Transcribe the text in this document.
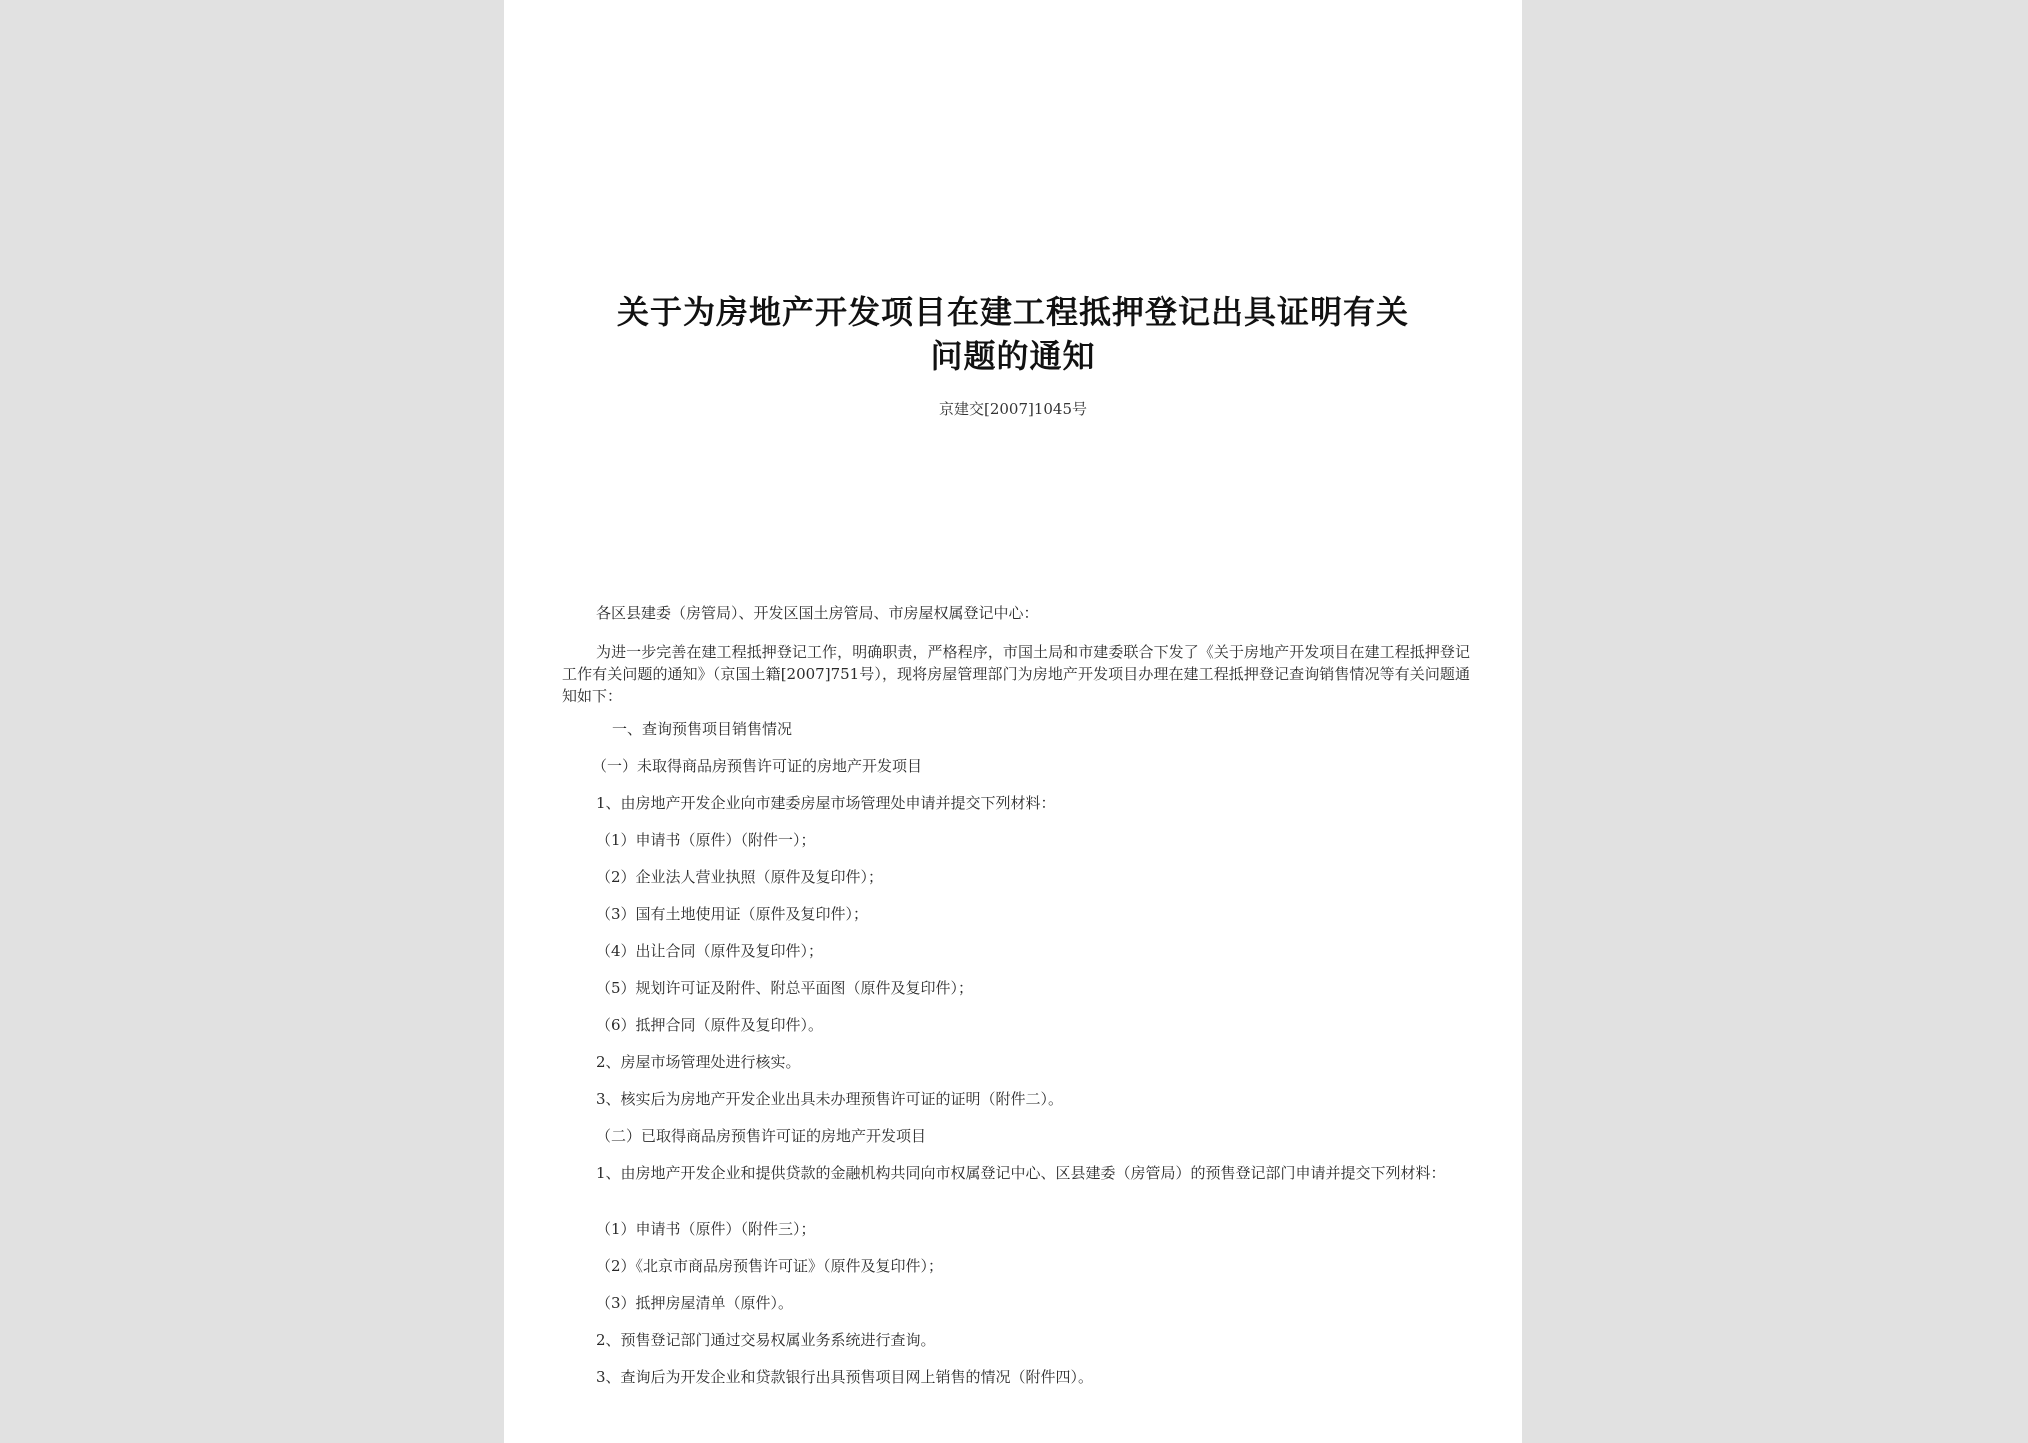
关于为房地产开发项目在建工程抵押登记出具证明有关
问题的通知
京建交[2007]1045号
各区县建委（房管局）、开发区国土房管局、市房屋权属登记中心：
为进一步完善在建工程抵押登记工作，明确职责，严格程序，市国土局和市建委联合下发了《关于房地产开发项目在建工程抵押登记工作有关问题的通知》（京国土籍[2007]751号），现将房屋管理部门为房地产开发项目办理在建工程抵押登记查询销售情况等有关问题通知如下：
一、查询预售项目销售情况
（一）未取得商品房预售许可证的房地产开发项目
1、由房地产开发企业向市建委房屋市场管理处申请并提交下列材料：
（1）申请书（原件）（附件一）；
（2）企业法人营业执照（原件及复印件）；
（3）国有土地使用证（原件及复印件）；
（4）出让合同（原件及复印件）；
（5）规划许可证及附件、附总平面图（原件及复印件）；
（6）抵押合同（原件及复印件）。
2、房屋市场管理处进行核实。
3、核实后为房地产开发企业出具未办理预售许可证的证明（附件二）。
（二）已取得商品房预售许可证的房地产开发项目
1、由房地产开发企业和提供贷款的金融机构共同向市权属登记中心、区县建委（房管局）的预售登记部门申请并提交下列材料：
（1）申请书（原件）（附件三）；
（2）《北京市商品房预售许可证》（原件及复印件）；
（3）抵押房屋清单（原件）。
2、预售登记部门通过交易权属业务系统进行查询。
3、查询后为开发企业和贷款银行出具预售项目网上销售的情况（附件四）。
